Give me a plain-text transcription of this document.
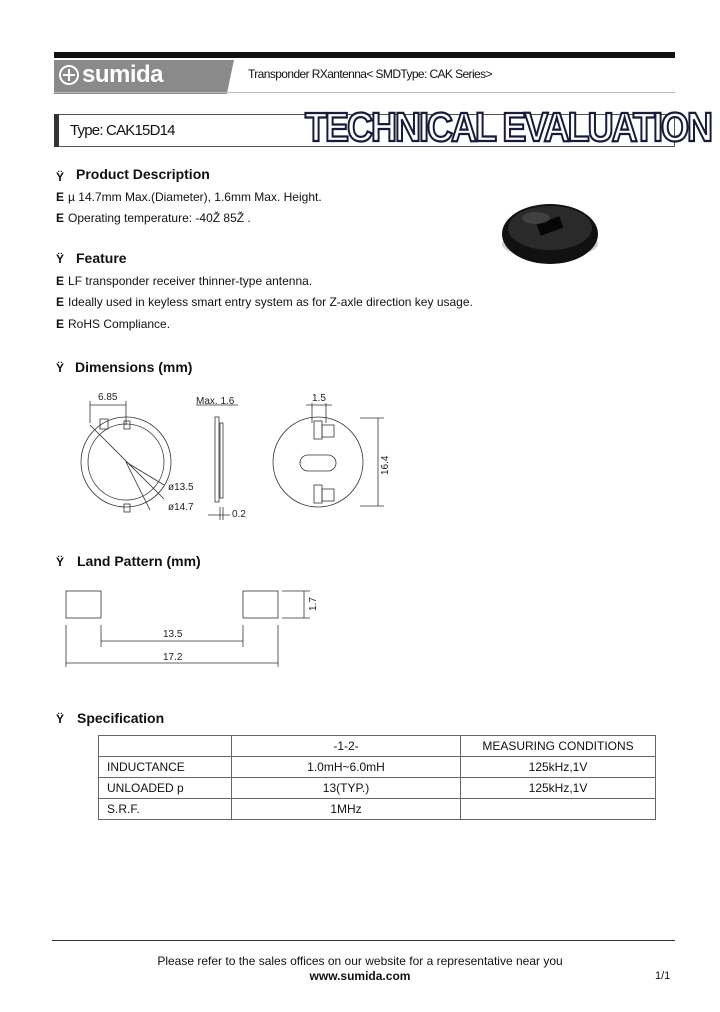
sumida	Transponder RXantenna< SMDType: CAK Series>
Type: CAK15D14	TECHNICAL EVALUATION
Ÿ Product Description
E µ 14.7mm Max.(Diameter), 1.6mm Max. Height.
E Operating temperature: ‐40Ž 85Ž .
Ÿ Feature
E LF transponder receiver thinner-type antenna.
E Ideally used in keyless smart entry system as for Z-axle direction key usage.
E RoHS Compliance.
Ÿ Dimensions (mm)
6.85	Max. 1.6	1.5
ø13.5
ø14.7
0.2
16.4
Ÿ Land Pattern (mm)
13.5
17.2
1.7
Ÿ Specification
	‐1‐2‐	MEASURING CONDITIONS
INDUCTANCE	1.0mH~6.0mH	125kHz,1V
UNLOADED р	13(TYP.)	125kHz,1V
S.R.F.	1MHz	
Please refer to the sales offices on our website for a representative near you
www.sumida.com	1/1
